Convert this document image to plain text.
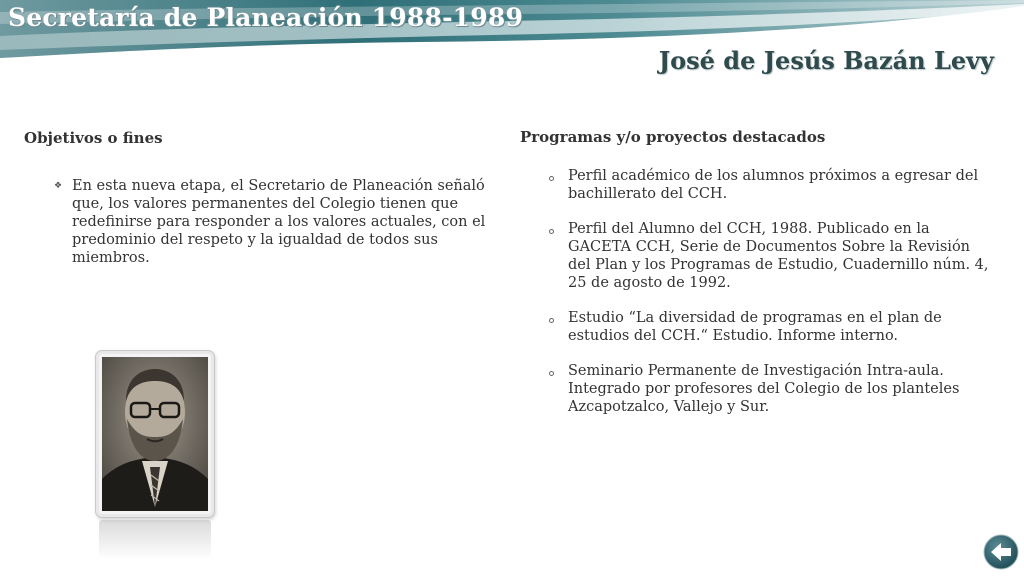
Secretaría de Planeación 1988-1989
José de Jesús Bazán Levy
Objetivos o fines
❖ En esta nueva etapa, el Secretario de Planeación señaló que, los valores permanentes del Colegio tienen que redefinirse para responder a los valores actuales, con el predominio del respeto y la igualdad de todos sus miembros.
Programas y/o proyectos destacados
Perfil académico de los alumnos próximos a egresar del bachillerato del CCH.
Perfil del Alumno del CCH, 1988. Publicado en la GACETA CCH, Serie de Documentos Sobre la Revisión del Plan y los Programas de Estudio, Cuadernillo núm. 4, 25 de agosto de 1992.
Estudio “La diversidad de programas en el plan de estudios del CCH.“ Estudio. Informe interno.
Seminario Permanente de Investigación Intra-aula. Integrado por profesores del Colegio de los planteles Azcapotzalco, Vallejo y Sur.
